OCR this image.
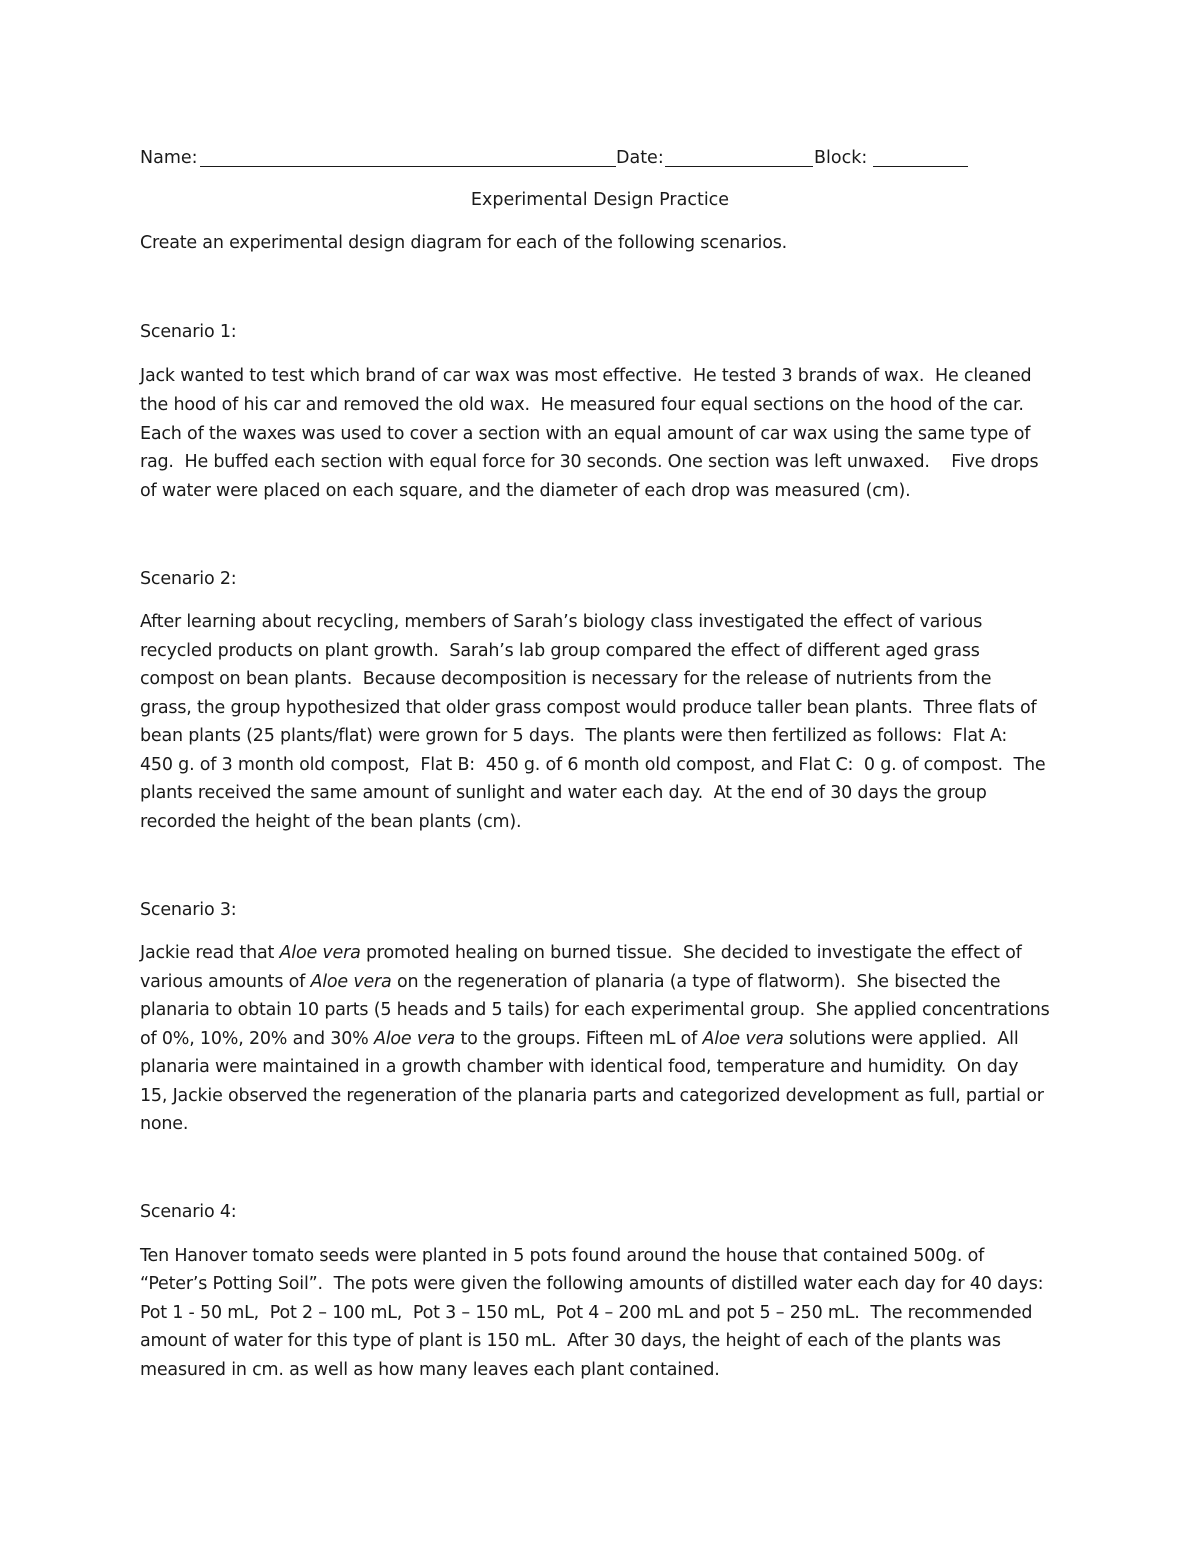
Name:	Date:	Block:
Experimental Design Practice
Create an experimental design diagram for each of the following scenarios.
Scenario 1:
Jack wanted to test which brand of car wax was most effective.  He tested 3 brands of wax.  He cleaned
the hood of his car and removed the old wax.  He measured four equal sections on the hood of the car.
Each of the waxes was used to cover a section with an equal amount of car wax using the same type of
rag.  He buffed each section with equal force for 30 seconds. One section was left unwaxed.    Five drops
of water were placed on each square, and the diameter of each drop was measured (cm).
Scenario 2:
After learning about recycling, members of Sarah’s biology class investigated the effect of various
recycled products on plant growth.  Sarah’s lab group compared the effect of different aged grass
compost on bean plants.  Because decomposition is necessary for the release of nutrients from the
grass, the group hypothesized that older grass compost would produce taller bean plants.  Three flats of
bean plants (25 plants/flat) were grown for 5 days.  The plants were then fertilized as follows:  Flat A:
450 g. of 3 month old compost,  Flat B:  450 g. of 6 month old compost, and Flat C:  0 g. of compost.  The
plants received the same amount of sunlight and water each day.  At the end of 30 days the group
recorded the height of the bean plants (cm).
Scenario 3:
Jackie read that Aloe vera promoted healing on burned tissue.  She decided to investigate the effect of
various amounts of Aloe vera on the regeneration of planaria (a type of flatworm).  She bisected the
planaria to obtain 10 parts (5 heads and 5 tails) for each experimental group.  She applied concentrations
of 0%, 10%, 20% and 30% Aloe vera to the groups. Fifteen mL of Aloe vera solutions were applied.  All
planaria were maintained in a growth chamber with identical food, temperature and humidity.  On day
15, Jackie observed the regeneration of the planaria parts and categorized development as full, partial or
none.
Scenario 4:
Ten Hanover tomato seeds were planted in 5 pots found around the house that contained 500g. of
“Peter’s Potting Soil”.  The pots were given the following amounts of distilled water each day for 40 days:
Pot 1 - 50 mL,  Pot 2 – 100 mL,  Pot 3 – 150 mL,  Pot 4 – 200 mL and pot 5 – 250 mL.  The recommended
amount of water for this type of plant is 150 mL.  After 30 days, the height of each of the plants was
measured in cm. as well as how many leaves each plant contained.
